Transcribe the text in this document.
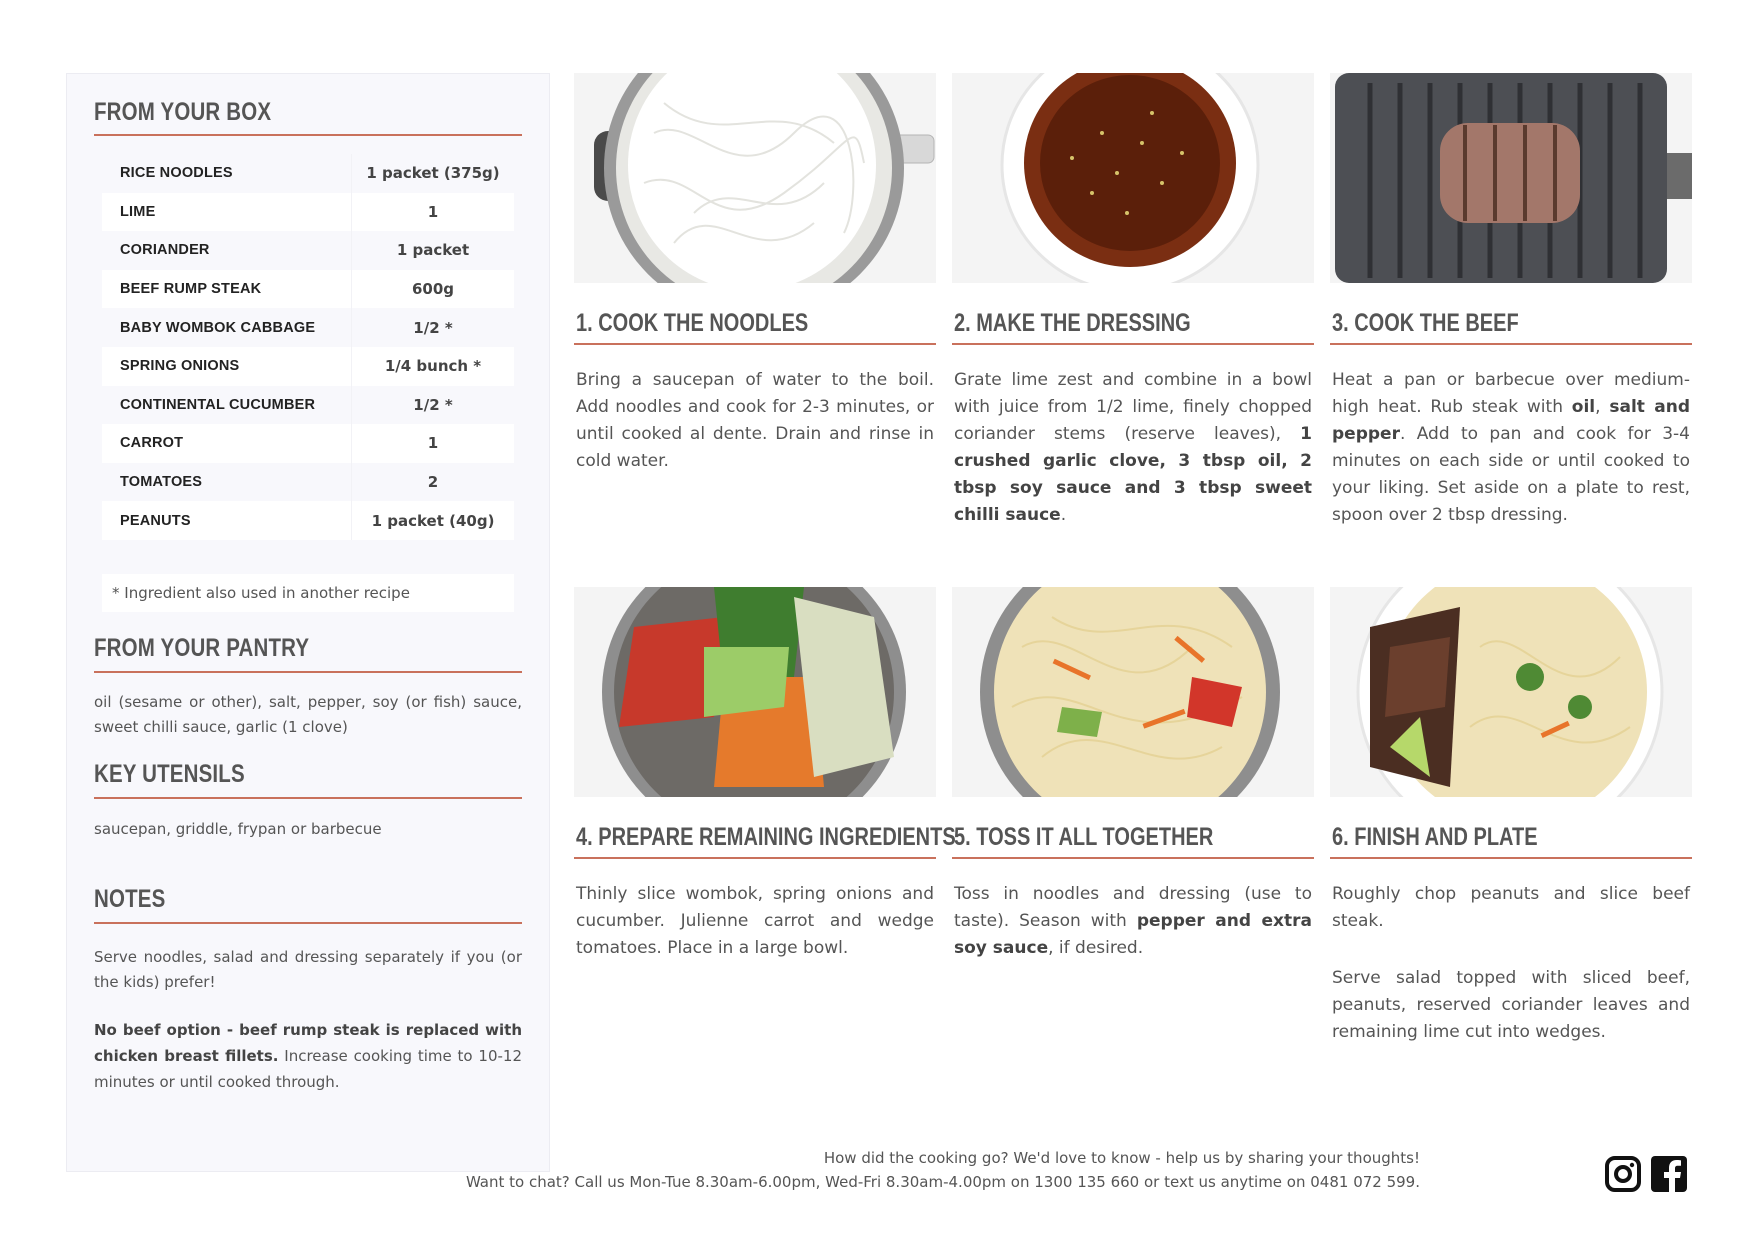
FROM YOUR BOX
RICE NOODLES	1 packet (375g)
LIME	1
CORIANDER	1 packet
BEEF RUMP STEAK	600g
BABY WOMBOK CABBAGE	1/2 *
SPRING ONIONS	1/4 bunch *
CONTINENTAL CUCUMBER	1/2 *
CARROT	1
TOMATOES	2
PEANUTS	1 packet (40g)
* Ingredient also used in another recipe
FROM YOUR PANTRY

oil (sesame or other), salt, pepper, soy (or fish) sauce, sweet chilli sauce, garlic (1 clove)

KEY UTENSILS

saucepan, griddle, frypan or barbecue

NOTES

Serve noodles, salad and dressing separately if you (or the kids) prefer!

No beef option - beef rump steak is replaced with chicken breast fillets. Increase cooking time to 10-12 minutes or until cooked through.

1. COOK THE NOODLES

Bring a saucepan of water to the boil. Add noodles and cook for 2-3 minutes, or until cooked al dente. Drain and rinse in cold water.

2. MAKE THE DRESSING

Grate lime zest and combine in a bowl with juice from 1/2 lime, finely chopped coriander stems (reserve leaves), 1 crushed garlic clove, 3 tbsp oil, 2 tbsp soy sauce and 3 tbsp sweet chilli sauce.

3. COOK THE BEEF

Heat a pan or barbecue over medium-high heat. Rub steak with oil, salt and pepper. Add to pan and cook for 3-4 minutes on each side or until cooked to your liking. Set aside on a plate to rest, spoon over 2 tbsp dressing.

4. PREPARE REMAINING INGREDIENTS

Thinly slice wombok, spring onions and cucumber. Julienne carrot and wedge tomatoes. Place in a large bowl.

5. TOSS IT ALL TOGETHER

Toss in noodles and dressing (use to taste). Season with pepper and extra soy sauce, if desired.

6. FINISH AND PLATE

Roughly chop peanuts and slice beef steak.

Serve salad topped with sliced beef, peanuts, reserved coriander leaves and remaining lime cut into wedges.

How did the cooking go? We'd love to know - help us by sharing your thoughts!
Want to chat? Call us Mon-Tue 8.30am-6.00pm, Wed-Fri 8.30am-4.00pm on 1300 135 660 or text us anytime on 0481 072 599.
